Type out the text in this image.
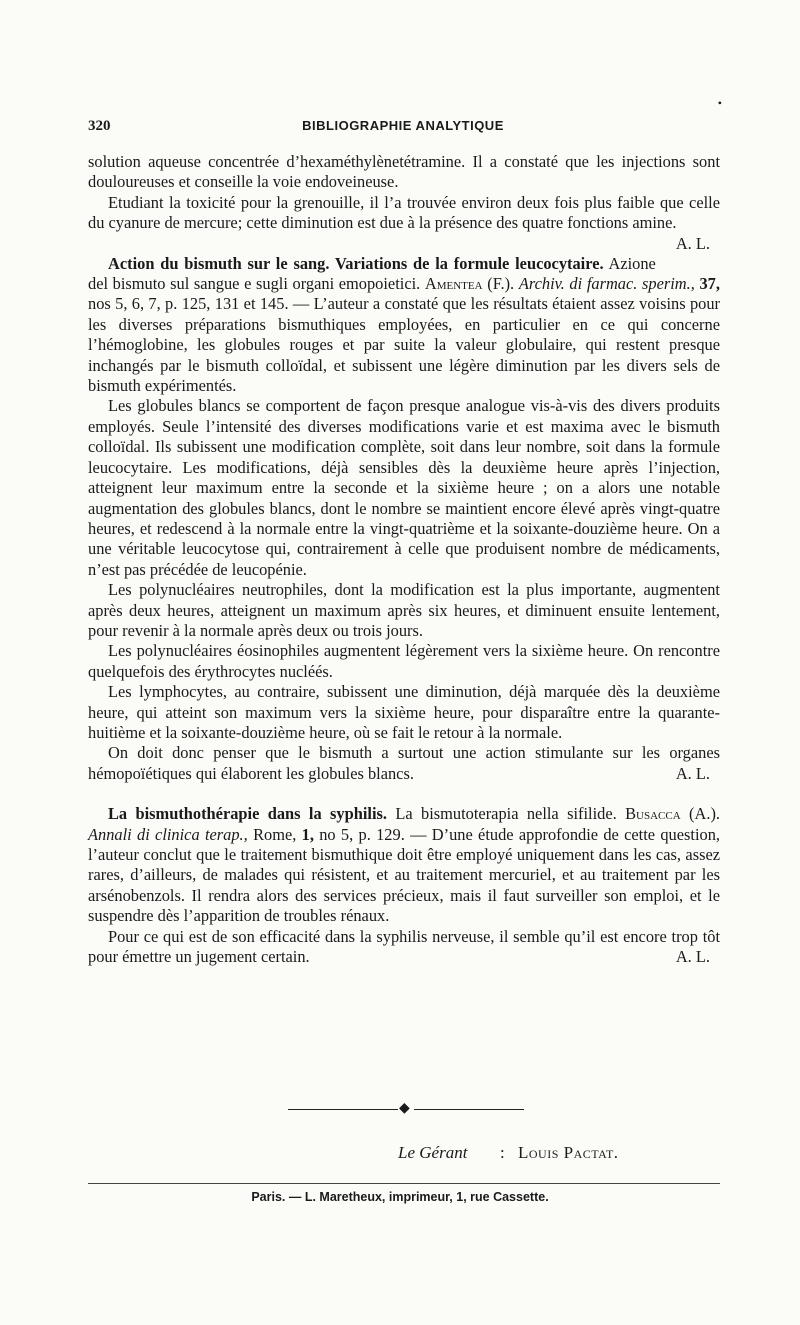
320	BIBLIOGRAPHIE ANALYTIQUE
•

solution aqueuse concentrée d’hexaméthylènetétramine. Il a constaté que les injections sont douloureuses et conseille la voie endoveineuse.

Etudiant la toxicité pour la grenouille, il l’a trouvée environ deux fois plus faible que celle du cyanure de mercure; cette diminution est due à la présence des quatre fonctions amine.
A. L.

Action du bismuth sur le sang. Variations de la formule leucocytaire. Azione del bismuto sul sangue e sugli organi emopoietici. Amentea (F.). Archiv. di farmac. sperim., 37, nos 5, 6, 7, p. 125, 131 et 145. — L’auteur a constaté que les résultats étaient assez voisins pour les diverses préparations bismuthiques employées, en particulier en ce qui concerne l’hémoglobine, les globules rouges et par suite la valeur globulaire, qui restent presque inchangés par le bismuth colloïdal, et subissent une légère diminution par les divers sels de bismuth expérimentés.

Les globules blancs se comportent de façon presque analogue vis-à-vis des divers produits employés. Seule l’intensité des diverses modifications varie et est maxima avec le bismuth colloïdal. Ils subissent une modification complète, soit dans leur nombre, soit dans la formule leucocytaire. Les modifications, déjà sensibles dès la deuxième heure après l’injection, atteignent leur maximum entre la seconde et la sixième heure ; on a alors une notable augmentation des globules blancs, dont le nombre se maintient encore élevé après vingt-quatre heures, et redescend à la normale entre la vingt-quatrième et la soixante-douzième heure. On a une véritable leucocytose qui, contrairement à celle que produisent nombre de médicaments, n’est pas précédée de leucopénie.

Les polynucléaires neutrophiles, dont la modification est la plus importante, augmentent après deux heures, atteignent un maximum après six heures, et diminuent ensuite lentement, pour revenir à la normale après deux ou trois jours.

Les polynucléaires éosinophiles augmentent légèrement vers la sixième heure. On rencontre quelquefois des érythrocytes nucléés.

Les lymphocytes, au contraire, subissent une diminution, déjà marquée dès la deuxième heure, qui atteint son maximum vers la sixième heure, pour disparaître entre la quarante-huitième et la soixante-douzième heure, où se fait le retour à la normale.

On doit donc penser que le bismuth a surtout une action stimulante sur les organes hémopoïétiques qui élaborent les globules blancs.	A. L.

La bismuthothérapie dans la syphilis. La bismutoterapia nella sifilide. Busacca (A.). Annali di clinica terap., Rome, 1, no 5, p. 129. — D’une étude approfondie de cette question, l’auteur conclut que le traitement bismuthique doit être employé uniquement dans les cas, assez rares, d’ailleurs, de malades qui résistent, et au traitement mercuriel, et au traitement par les arsénobenzols. Il rendra alors des services précieux, mais il faut surveiller son emploi, et le suspendre dès l’apparition de troubles rénaux.

Pour ce qui est de son efficacité dans la syphilis nerveuse, il semble qu’il est encore trop tôt pour émettre un jugement certain.	A. L.

◆
Le Gérant : Louis Pactat.
Paris. — L. Maretheux, imprimeur, 1, rue Cassette.
